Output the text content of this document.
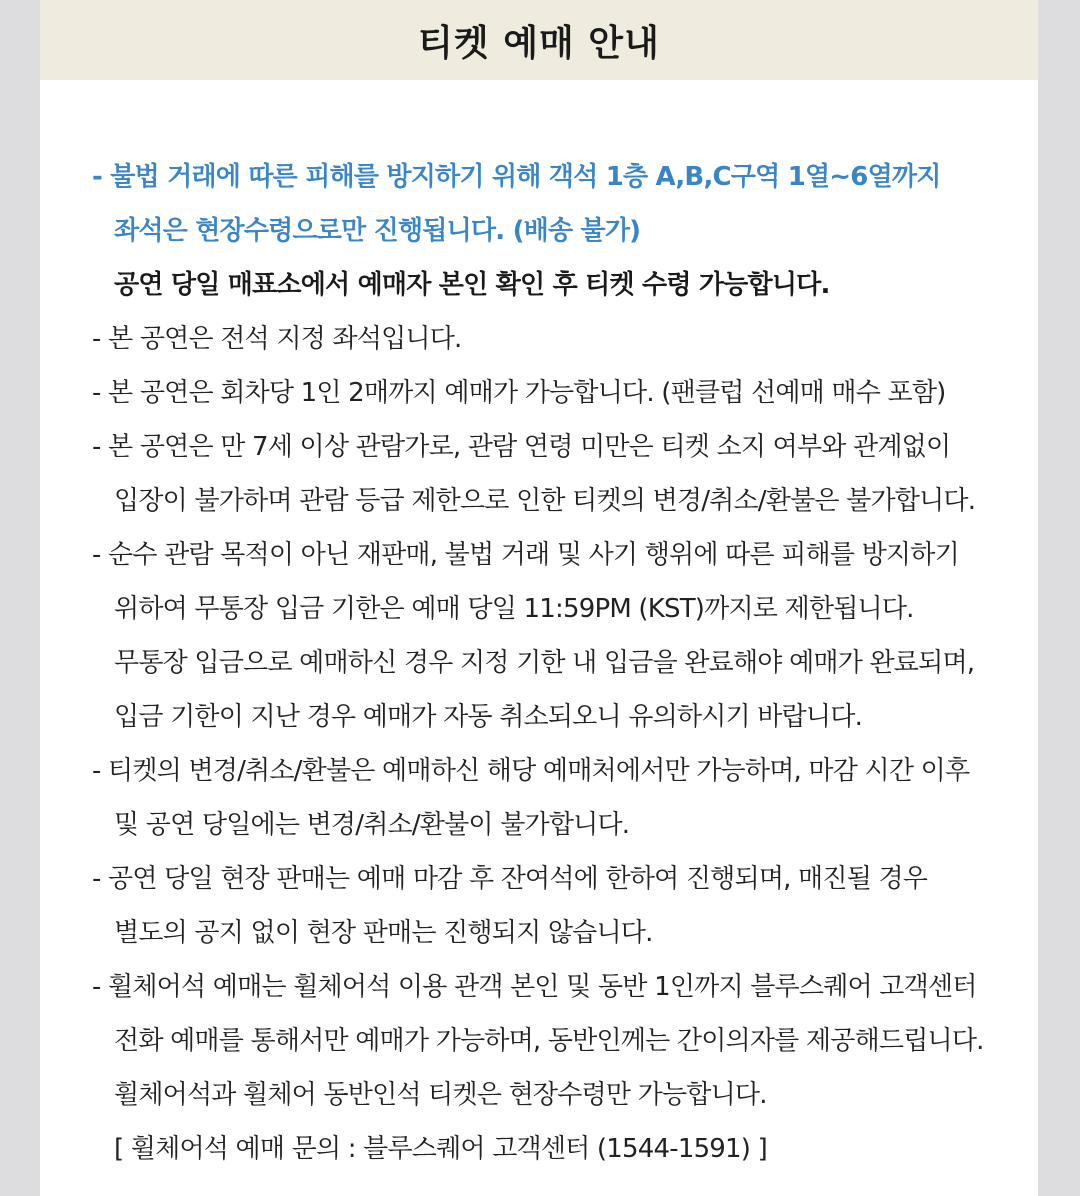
티켓 예매 안내
- 불법 거래에 따른 피해를 방지하기 위해 객석 1층 A,B,C구역 1열~6열까지
좌석은 현장수령으로만 진행됩니다. (배송 불가)
공연 당일 매표소에서 예매자 본인 확인 후 티켓 수령 가능합니다.
- 본 공연은 전석 지정 좌석입니다.
- 본 공연은 회차당 1인 2매까지 예매가 가능합니다. (팬클럽 선예매 매수 포함)
- 본 공연은 만 7세 이상 관람가로, 관람 연령 미만은 티켓 소지 여부와 관계없이
입장이 불가하며 관람 등급 제한으로 인한 티켓의 변경/취소/환불은 불가합니다.
- 순수 관람 목적이 아닌 재판매, 불법 거래 및 사기 행위에 따른 피해를 방지하기
위하여 무통장 입금 기한은 예매 당일 11:59PM (KST)까지로 제한됩니다.
무통장 입금으로 예매하신 경우 지정 기한 내 입금을 완료해야 예매가 완료되며,
입금 기한이 지난 경우 예매가 자동 취소되오니 유의하시기 바랍니다.
- 티켓의 변경/취소/환불은 예매하신 해당 예매처에서만 가능하며, 마감 시간 이후
및 공연 당일에는 변경/취소/환불이 불가합니다.
- 공연 당일 현장 판매는 예매 마감 후 잔여석에 한하여 진행되며, 매진될 경우
별도의 공지 없이 현장 판매는 진행되지 않습니다.
- 휠체어석 예매는 휠체어석 이용 관객 본인 및 동반 1인까지 블루스퀘어 고객센터
전화 예매를 통해서만 예매가 가능하며, 동반인께는 간이의자를 제공해드립니다.
휠체어석과 휠체어 동반인석 티켓은 현장수령만 가능합니다.
[ 휠체어석 예매 문의 : 블루스퀘어 고객센터 (1544-1591) ]
